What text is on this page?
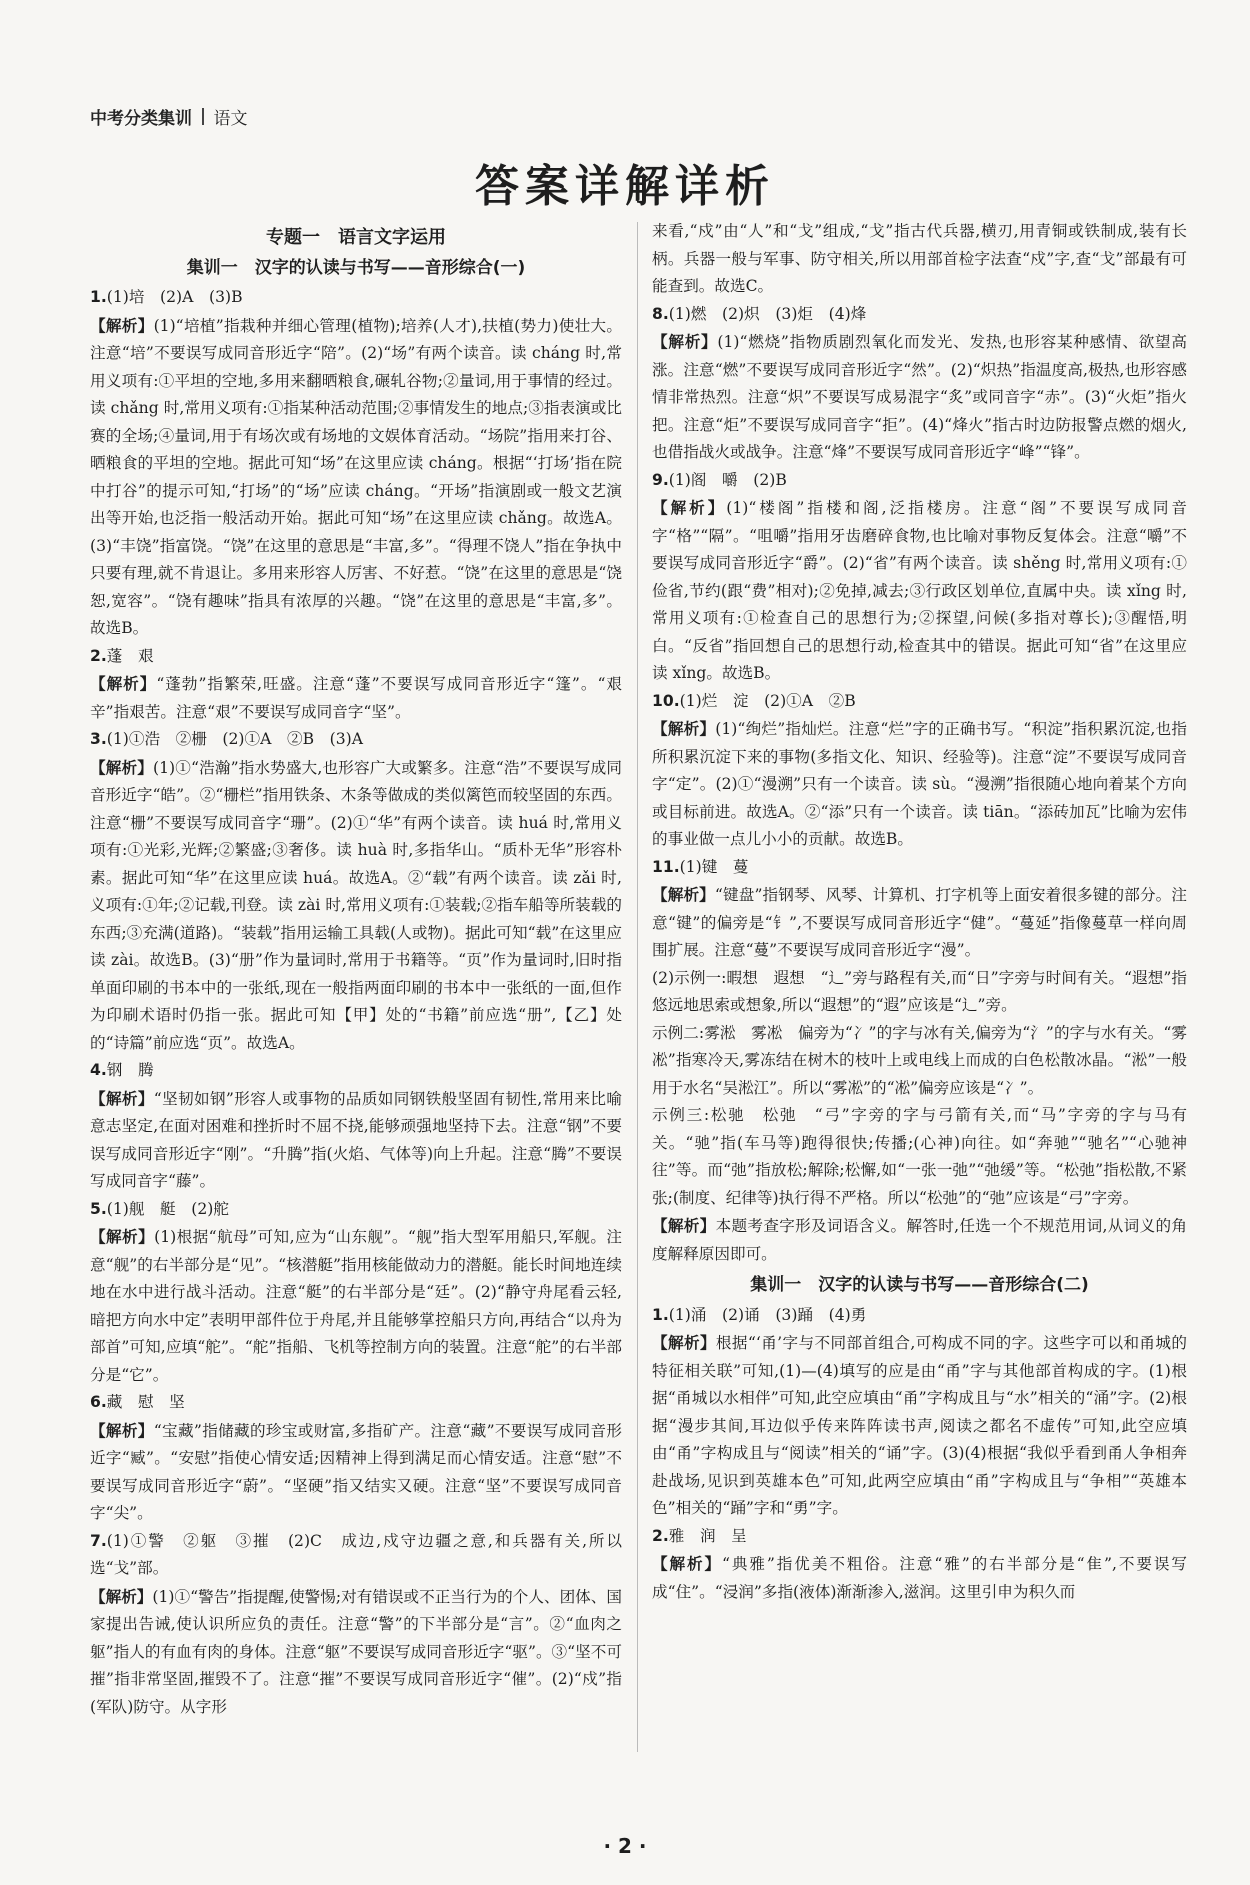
中考分类集训 语文
答案详解详析
专题一　语言文字运用
集训一　汉字的认读与书写——音形综合(一)
1.(1)培　(2)A　(3)B
【解析】(1)“培植”指栽种并细心管理(植物);培养(人才),扶植(势力)使壮大。注意“培”不要误写成同音形近字“陪”。(2)“场”有两个读音。读 cháng 时,常用义项有:①平坦的空地,多用来翻晒粮食,碾轧谷物;②量词,用于事情的经过。读 chǎng 时,常用义项有:①指某种活动范围;②事情发生的地点;③指表演或比赛的全场;④量词,用于有场次或有场地的文娱体育活动。“场院”指用来打谷、晒粮食的平坦的空地。据此可知“场”在这里应读 cháng。根据“‘打场’指在院中打谷”的提示可知,“打场”的“场”应读 cháng。“开场”指演剧或一般文艺演出等开始,也泛指一般活动开始。据此可知“场”在这里应读 chǎng。故选A。(3)“丰饶”指富饶。“饶”在这里的意思是“丰富,多”。“得理不饶人”指在争执中只要有理,就不肯退让。多用来形容人厉害、不好惹。“饶”在这里的意思是“饶恕,宽容”。“饶有趣味”指具有浓厚的兴趣。“饶”在这里的意思是“丰富,多”。故选B。
2.蓬　艰
【解析】“蓬勃”指繁荣,旺盛。注意“蓬”不要误写成同音形近字“篷”。“艰辛”指艰苦。注意“艰”不要误写成同音字“坚”。
3.(1)①浩　②栅　(2)①A　②B　(3)A
【解析】(1)①“浩瀚”指水势盛大,也形容广大或繁多。注意“浩”不要误写成同音形近字“皓”。②“栅栏”指用铁条、木条等做成的类似篱笆而较坚固的东西。注意“栅”不要误写成同音字“珊”。(2)①“华”有两个读音。读 huá 时,常用义项有:①光彩,光辉;②繁盛;③奢侈。读 huà 时,多指华山。“质朴无华”形容朴素。据此可知“华”在这里应读 huá。故选A。②“载”有两个读音。读 zǎi 时,义项有:①年;②记载,刊登。读 zài 时,常用义项有:①装载;②指车船等所装载的东西;③充满(道路)。“装载”指用运输工具载(人或物)。据此可知“载”在这里应读 zài。故选B。(3)“册”作为量词时,常用于书籍等。“页”作为量词时,旧时指单面印刷的书本中的一张纸,现在一般指两面印刷的书本中一张纸的一面,但作为印刷术语时仍指一张。据此可知【甲】处的“书籍”前应选“册”,【乙】处的“诗篇”前应选“页”。故选A。
4.钢　腾
【解析】“坚韧如钢”形容人或事物的品质如同钢铁般坚固有韧性,常用来比喻意志坚定,在面对困难和挫折时不屈不挠,能够顽强地坚持下去。注意“钢”不要误写成同音形近字“刚”。“升腾”指(火焰、气体等)向上升起。注意“腾”不要误写成同音字“藤”。
5.(1)舰　艇　(2)舵
【解析】(1)根据“航母”可知,应为“山东舰”。“舰”指大型军用船只,军舰。注意“舰”的右半部分是“见”。“核潜艇”指用核能做动力的潜艇。能长时间地连续地在水中进行战斗活动。注意“艇”的右半部分是“廷”。(2)“静守舟尾看云轻,暗把方向水中定”表明甲部件位于舟尾,并且能够掌控船只方向,再结合“以舟为部首”可知,应填“舵”。“舵”指船、飞机等控制方向的装置。注意“舵”的右半部分是“它”。
6.藏　慰　坚
【解析】“宝藏”指储藏的珍宝或财富,多指矿产。注意“藏”不要误写成同音形近字“臧”。“安慰”指使心情安适;因精神上得到满足而心情安适。注意“慰”不要误写成同音形近字“蔚”。“坚硬”指又结实又硬。注意“坚”不要误写成同音字“尖”。
7.(1)①警　②躯　③摧　(2)C　成边,戍守边疆之意,和兵器有关,所以选“戈”部。
【解析】(1)①“警告”指提醒,使警惕;对有错误或不正当行为的个人、团体、国家提出告诫,使认识所应负的责任。注意“警”的下半部分是“言”。②“血肉之躯”指人的有血有肉的身体。注意“躯”不要误写成同音形近字“驱”。③“坚不可摧”指非常坚固,摧毁不了。注意“摧”不要误写成同音形近字“催”。(2)“戍”指(军队)防守。从字形
来看,“戍”由“人”和“戈”组成,“戈”指古代兵器,横刃,用青铜或铁制成,装有长柄。兵器一般与军事、防守相关,所以用部首检字法查“戍”字,查“戈”部最有可能查到。故选C。
8.(1)燃　(2)炽　(3)炬　(4)烽
【解析】(1)“燃烧”指物质剧烈氧化而发光、发热,也形容某种感情、欲望高涨。注意“燃”不要误写成同音形近字“然”。(2)“炽热”指温度高,极热,也形容感情非常热烈。注意“炽”不要误写成易混字“炙”或同音字“赤”。(3)“火炬”指火把。注意“炬”不要误写成同音字“拒”。(4)“烽火”指古时边防报警点燃的烟火,也借指战火或战争。注意“烽”不要误写成同音形近字“峰”“锋”。
9.(1)阁　嚼　(2)B
【解析】(1)“楼阁”指楼和阁,泛指楼房。注意“阁”不要误写成同音字“格”“隔”。“咀嚼”指用牙齿磨碎食物,也比喻对事物反复体会。注意“嚼”不要误写成同音形近字“爵”。(2)“省”有两个读音。读 shěng 时,常用义项有:①俭省,节约(跟“费”相对);②免掉,减去;③行政区划单位,直属中央。读 xǐng 时,常用义项有:①检查自己的思想行为;②探望,问候(多指对尊长);③醒悟,明白。“反省”指回想自己的思想行动,检查其中的错误。据此可知“省”在这里应读 xǐng。故选B。
10.(1)烂　淀　(2)①A　②B
【解析】(1)“绚烂”指灿烂。注意“烂”字的正确书写。“积淀”指积累沉淀,也指所积累沉淀下来的事物(多指文化、知识、经验等)。注意“淀”不要误写成同音字“定”。(2)①“漫溯”只有一个读音。读 sù。“漫溯”指很随心地向着某个方向或目标前进。故选A。②“添”只有一个读音。读 tiān。“添砖加瓦”比喻为宏伟的事业做一点儿小小的贡献。故选B。
11.(1)键　蔓
【解析】“键盘”指钢琴、风琴、计算机、打字机等上面安着很多键的部分。注意“键”的偏旁是“钅”,不要误写成同音形近字“健”。“蔓延”指像蔓草一样向周围扩展。注意“蔓”不要误写成同音形近字“漫”。
(2)示例一:暇想　遐想　“辶”旁与路程有关,而“日”字旁与时间有关。“遐想”指悠远地思索或想象,所以“遐想”的“遐”应该是“辶”旁。
示例二:雾淞　雾凇　偏旁为“冫”的字与冰有关,偏旁为“氵”的字与水有关。“雾凇”指寒冷天,雾冻结在树木的枝叶上或电线上而成的白色松散冰晶。“淞”一般用于水名“吴淞江”。所以“雾凇”的“凇”偏旁应该是“冫”。
示例三:松驰　松弛　“弓”字旁的字与弓箭有关,而“马”字旁的字与马有关。“驰”指(车马等)跑得很快;传播;(心神)向往。如“奔驰”“驰名”“心驰神往”等。而“弛”指放松;解除;松懈,如“一张一弛”“弛缓”等。“松弛”指松散,不紧张;(制度、纪律等)执行得不严格。所以“松弛”的“弛”应该是“弓”字旁。
【解析】本题考查字形及词语含义。解答时,任选一个不规范用词,从词义的角度解释原因即可。
集训一　汉字的认读与书写——音形综合(二)
1.(1)涌　(2)诵　(3)踊　(4)勇
【解析】根据“‘甬’字与不同部首组合,可构成不同的字。这些字可以和甬城的特征相关联”可知,(1)—(4)填写的应是由“甬”字与其他部首构成的字。(1)根据“甬城以水相伴”可知,此空应填由“甬”字构成且与“水”相关的“涌”字。(2)根据“漫步其间,耳边似乎传来阵阵读书声,阅读之都名不虚传”可知,此空应填由“甬”字构成且与“阅读”相关的“诵”字。(3)(4)根据“我似乎看到甬人争相奔赴战场,见识到英雄本色”可知,此两空应填由“甬”字构成且与“争相”“英雄本色”相关的“踊”字和“勇”字。
2.雅　润　呈
【解析】“典雅”指优美不粗俗。注意“雅”的右半部分是“隹”,不要误写成“住”。“浸润”多指(液体)渐渐渗入,滋润。这里引申为积久而
· 2 ·
